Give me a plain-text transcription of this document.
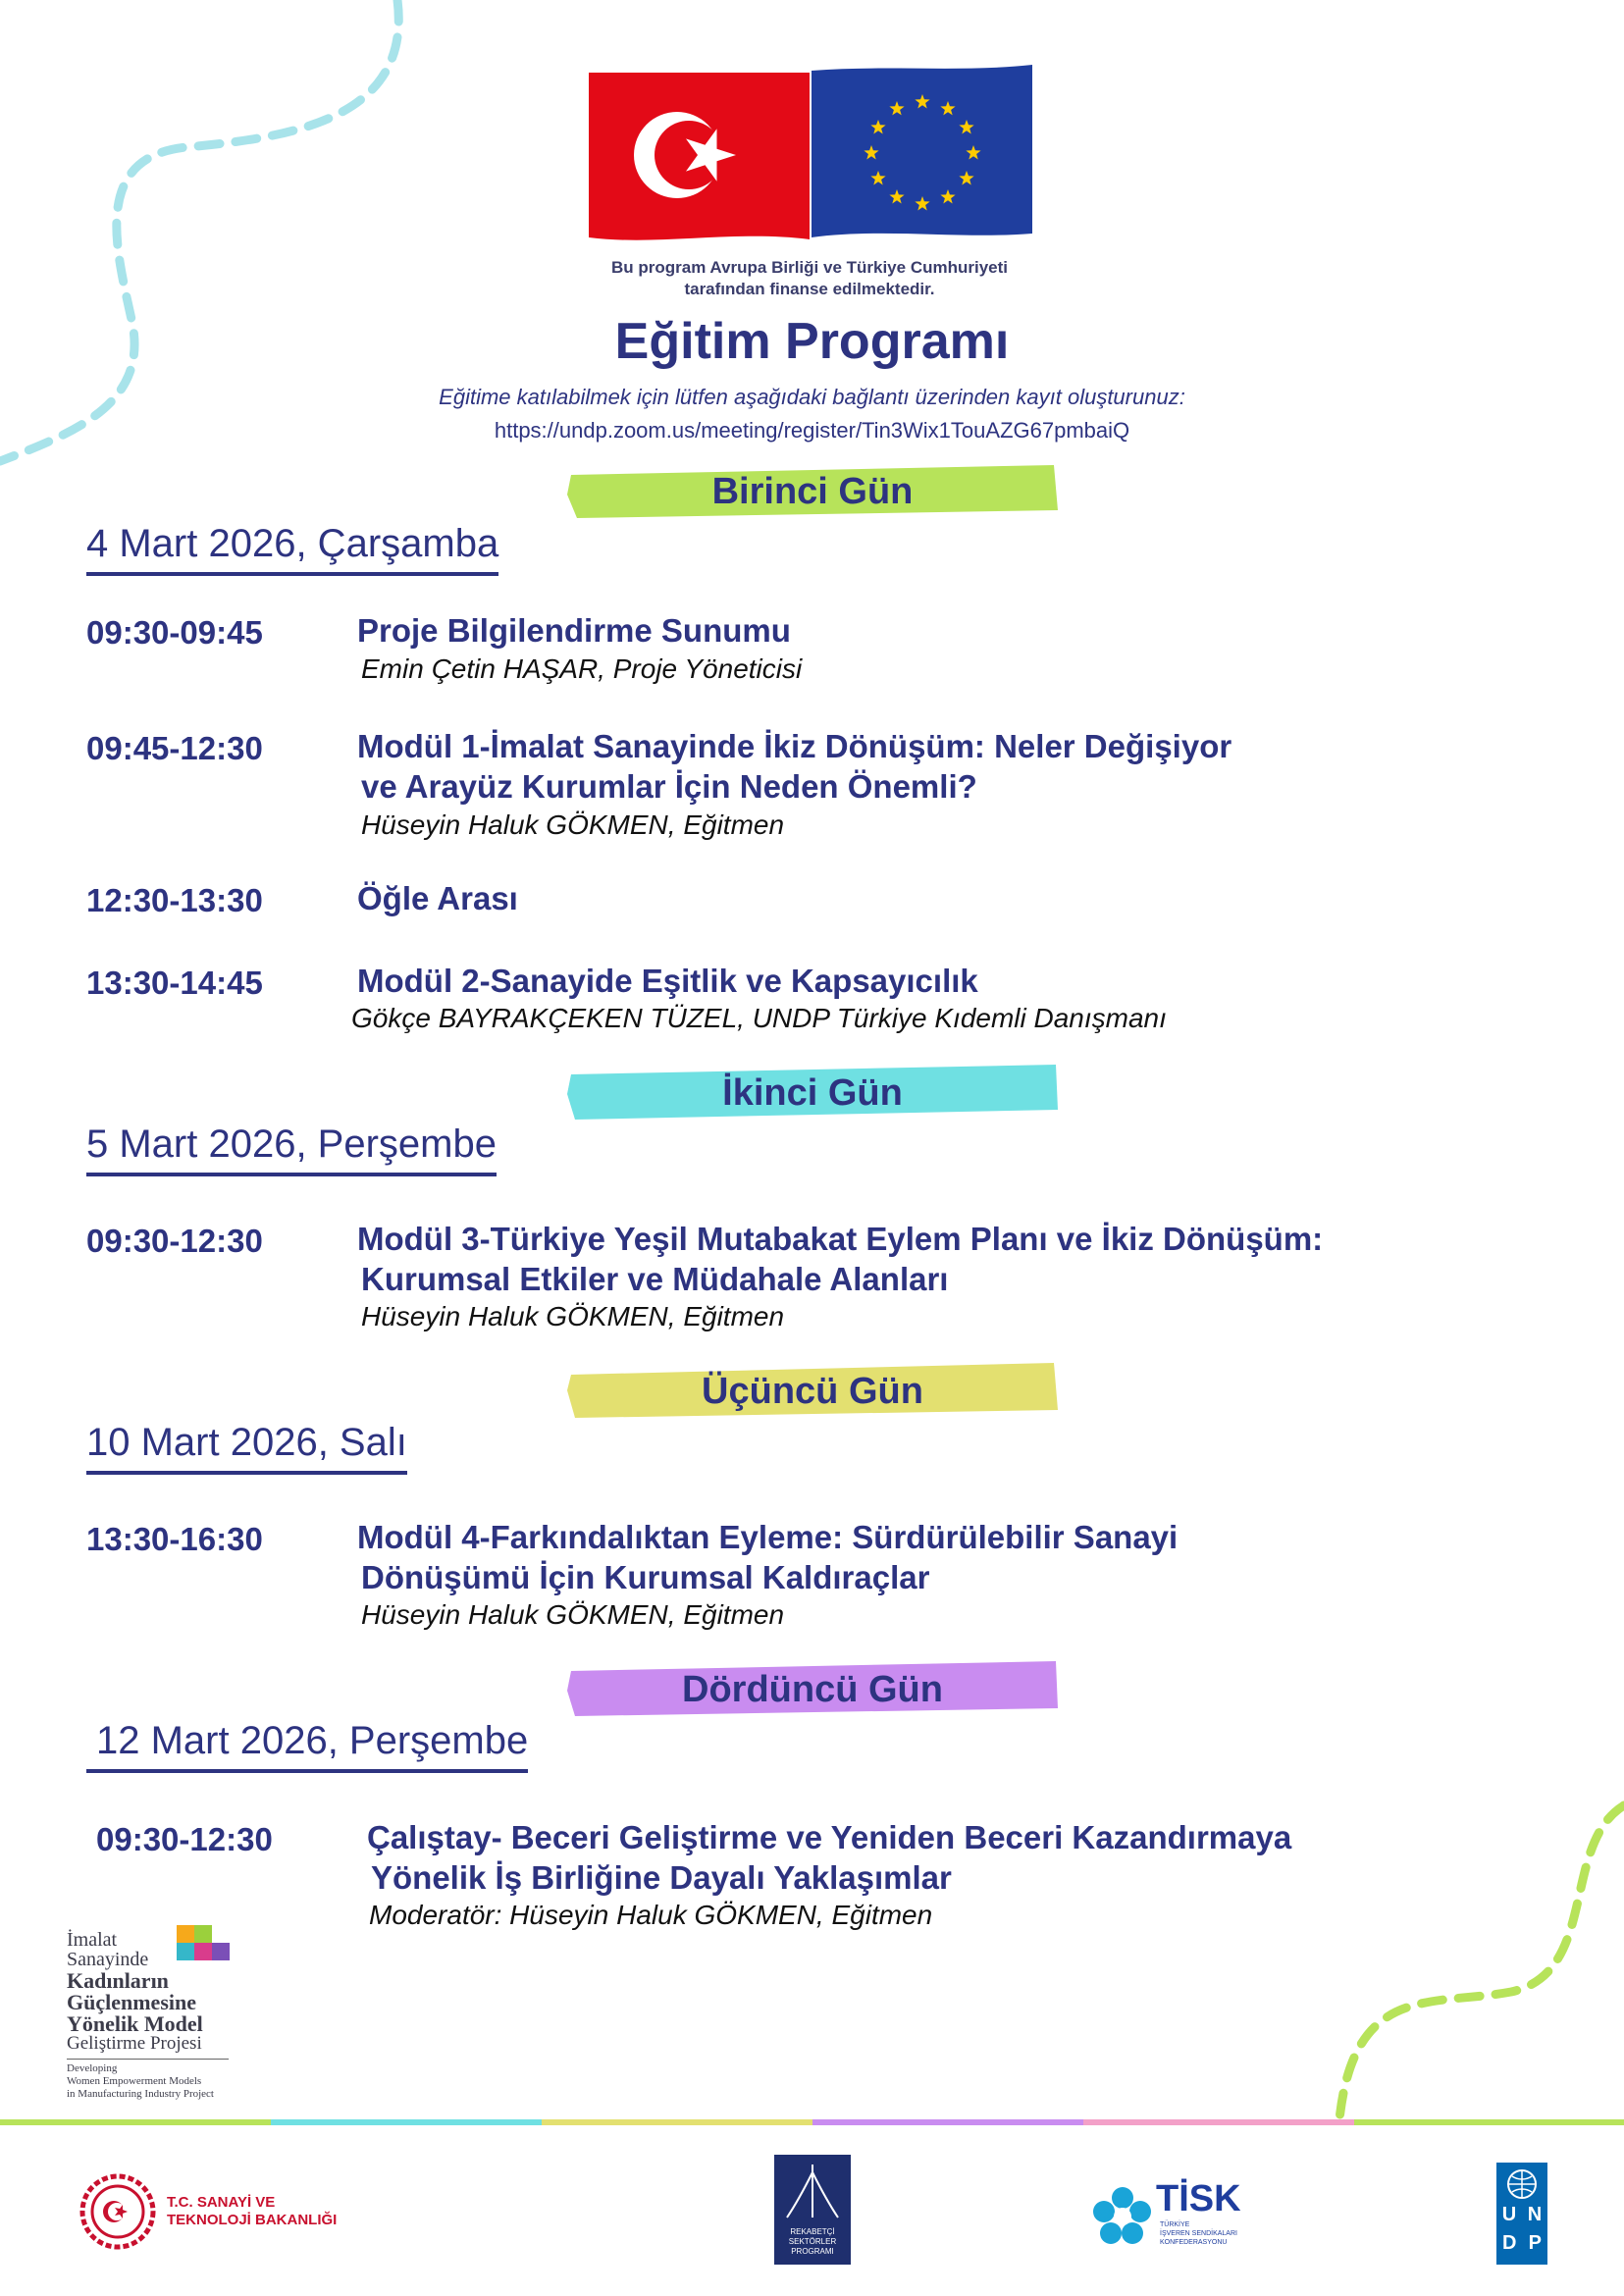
Bu program Avrupa Birliği ve Türkiye Cumhuriyeti
tarafından finanse edilmektedir.
Eğitim Programı
Eğitime katılabilmek için lütfen aşağıdaki bağlantı üzerinden kayıt oluşturunuz:
https://undp.zoom.us/meeting/register/Tin3Wix1TouAZG67pmbaiQ
Birinci Gün
4 Mart 2026, Çarşamba
09:30-09:45	Proje Bilgilendirme Sunumu
Emin Çetin HAŞAR, Proje Yöneticisi
09:45-12:30	Modül 1-İmalat Sanayinde İkiz Dönüşüm: Neler Değişiyor
ve Arayüz Kurumlar İçin Neden Önemli?
Hüseyin Haluk GÖKMEN, Eğitmen
12:30-13:30	Öğle Arası
13:30-14:45	Modül 2-Sanayide Eşitlik ve Kapsayıcılık
Gökçe BAYRAKÇEKEN TÜZEL, UNDP Türkiye Kıdemli Danışmanı
İkinci Gün
5 Mart 2026, Perşembe
09:30-12:30	Modül 3-Türkiye Yeşil Mutabakat Eylem Planı ve İkiz Dönüşüm:
Kurumsal Etkiler ve Müdahale Alanları
Hüseyin Haluk GÖKMEN, Eğitmen
Üçüncü Gün
10 Mart 2026, Salı
13:30-16:30	Modül 4-Farkındalıktan Eyleme: Sürdürülebilir Sanayi
Dönüşümü İçin Kurumsal Kaldıraçlar
Hüseyin Haluk GÖKMEN, Eğitmen
Dördüncü Gün
12 Mart 2026, Perşembe
09:30-12:30	Çalıştay- Beceri Geliştirme ve Yeniden Beceri Kazandırmaya
Yönelik İş Birliğine Dayalı Yaklaşımlar
Moderatör: Hüseyin Haluk GÖKMEN, Eğitmen
İmalat
Sanayinde
Kadınların
Güçlenmesine
Yönelik Model
Geliştirme Projesi
Developing
Women Empowerment Models
in Manufacturing Industry Project
T.C. SANAYİ VE
TEKNOLOJİ BAKANLIĞI
REKABETÇİ
SEKTÖRLER
PROGRAMI
TİSK
TÜRKİYE
İŞVEREN SENDİKALARI
KONFEDERASYONU
U N
D P
